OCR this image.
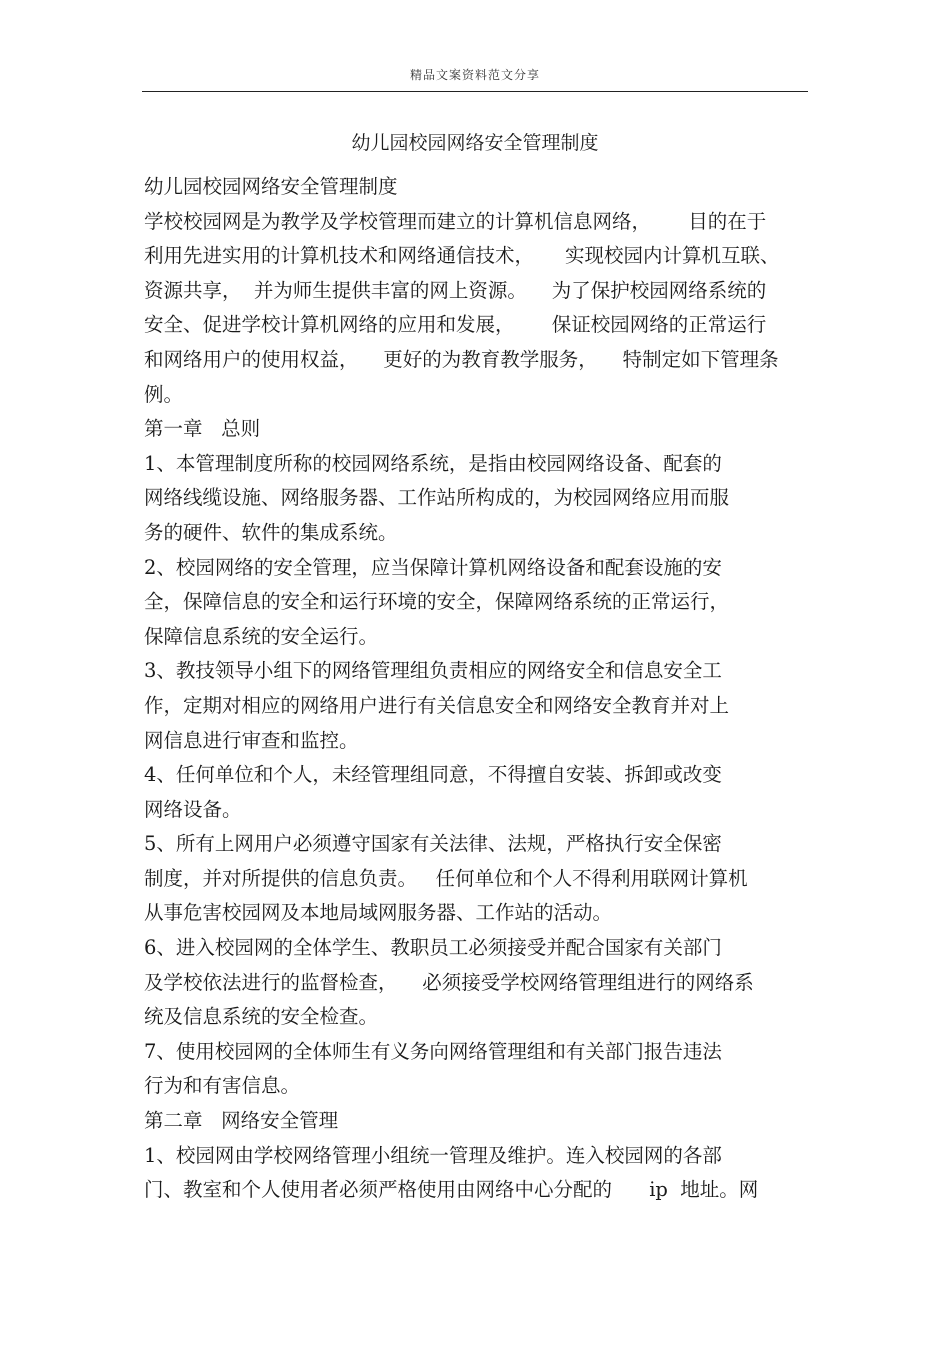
精品文案资料范文分享
幼儿园校园网络安全管理制度
幼儿园校园网络安全管理制度
学校校园网是为教学及学校管理而建立的计算机信息网络，      目的在于
利用先进实用的计算机技术和网络通信技术，     实现校园内计算机互联、
资源共享，  并为师生提供丰富的网上资源。    为了保护校园网络系统的
安全、促进学校计算机网络的应用和发展，      保证校园网络的正常运行
和网络用户的使用权益，    更好的为教育教学服务，    特制定如下管理条
例。
第一章   总则
1、本管理制度所称的校园网络系统，是指由校园网络设备、配套的
网络线缆设施、网络服务器、工作站所构成的，为校园网络应用而服
务的硬件、软件的集成系统。
2、校园网络的安全管理，应当保障计算机网络设备和配套设施的安
全，保障信息的安全和运行环境的安全，保障网络系统的正常运行，
保障信息系统的安全运行。
3、教技领导小组下的网络管理组负责相应的网络安全和信息安全工
作，定期对相应的网络用户进行有关信息安全和网络安全教育并对上
网信息进行审查和监控。
4、任何单位和个人，未经管理组同意，不得擅自安装、拆卸或改变
网络设备。
5、所有上网用户必须遵守国家有关法律、法规，严格执行安全保密
制度，并对所提供的信息负责。   任何单位和个人不得利用联网计算机
从事危害校园网及本地局域网服务器、工作站的活动。
6、进入校园网的全体学生、教职员工必须接受并配合国家有关部门
及学校依法进行的监督检查，    必须接受学校网络管理组进行的网络系
统及信息系统的安全检查。
7、使用校园网的全体师生有义务向网络管理组和有关部门报告违法
行为和有害信息。
第二章   网络安全管理
1、校园网由学校网络管理小组统一管理及维护。连入校园网的各部
门、教室和个人使用者必须严格使用由网络中心分配的      ip  地址。网
